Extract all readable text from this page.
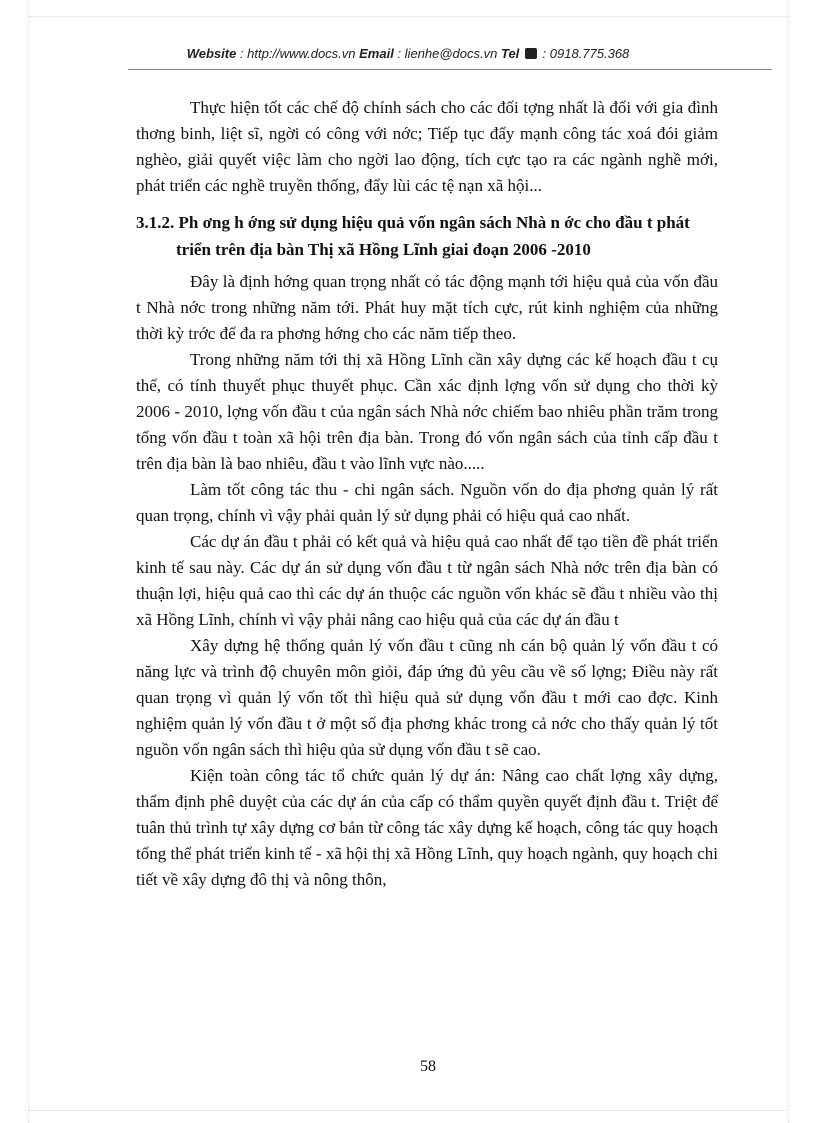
Website : http://www.docs.vn Email : lienhe@docs.vn Tel  : 0918.775.368

Thực hiện tốt các chế độ chính sách cho các đối tợng nhất là đối với gia đình thơng binh, liệt sĩ, ngời có công với nớc; Tiếp tục đẩy mạnh công tác xoá đói giảm nghèo, giải quyết việc làm cho ngời lao động, tích cực tạo ra các ngành nghề mới, phát triển các nghề truyền thống, đẩy lùi các tệ nạn xã hội...

3.1.2. Ph ơng h ớng sử dụng hiệu quả vốn ngân sách Nhà n ớc cho đầu t phát triển trên địa bàn Thị xã Hồng Lĩnh giai đoạn 2006 -2010

Đây là định hớng quan trọng nhất có tác động mạnh tới hiệu quả của vốn đầu t Nhà nớc trong những năm tới. Phát huy mặt tích cực, rút kinh nghiệm của những thời kỳ trớc để đa ra phơng hớng cho các năm tiếp theo.

Trong những năm tới thị xã Hồng Lĩnh cần xây dựng các kế hoạch đầu t cụ thể, có tính thuyết phục thuyết phục. Cần xác định lợng vốn sử dụng cho thời kỳ 2006 - 2010, lợng vốn đầu t của ngân sách Nhà nớc chiếm bao nhiêu phần trăm trong tổng vốn đầu t toàn xã hội trên địa bàn. Trong đó vốn ngân sách của tỉnh cấp đầu t trên địa bàn là bao nhiêu, đầu t vào lĩnh vực nào.....

Làm tốt công tác thu - chi ngân sách. Nguồn vốn do địa phơng quản lý rất quan trọng, chính vì vậy phải quản lý sử dụng phải có hiệu quả cao nhất.

Các dự án đầu t phải có kết quả và hiệu quả cao nhất để tạo tiền đề phát triển kinh tế sau này. Các dự án sử dụng vốn đầu t từ ngân sách Nhà nớc trên địa bàn có thuận lợi, hiệu quả cao thì các dự án thuộc các nguồn vốn khác sẽ đầu t nhiều vào thị xã Hồng Lĩnh, chính vì vậy phải nâng cao hiệu quả của các dự án đầu t

Xây dựng hệ thống quản lý vốn đầu t cũng nh cán bộ quản lý vốn đầu t có năng lực và trình độ chuyên môn giỏi, đáp ứng đủ yêu cầu về số lợng; Điều này rất quan trọng vì quản lý vốn tốt thì hiệu quả sử dụng vốn đầu t mới cao đợc. Kinh nghiệm quản lý vốn đầu t ở một số địa phơng khác trong cả nớc cho thấy quản lý tốt nguồn vốn ngân sách thì hiệu qủa sử dụng vốn đầu t sẽ cao.

Kiện toàn công tác tổ chức quản lý dự án: Nâng cao chất lợng xây dựng, thẩm định phê duyệt của các dự án của cấp có thẩm quyền quyết định đầu t. Triệt để tuân thủ trình tự xây dựng cơ bản từ công tác xây dựng kế hoạch, công tác quy hoạch tổng thể phát triển kinh tế - xã hội thị xã Hồng Lĩnh, quy hoạch ngành, quy hoạch chi tiết về xây dựng đô thị và nông thôn,

58
